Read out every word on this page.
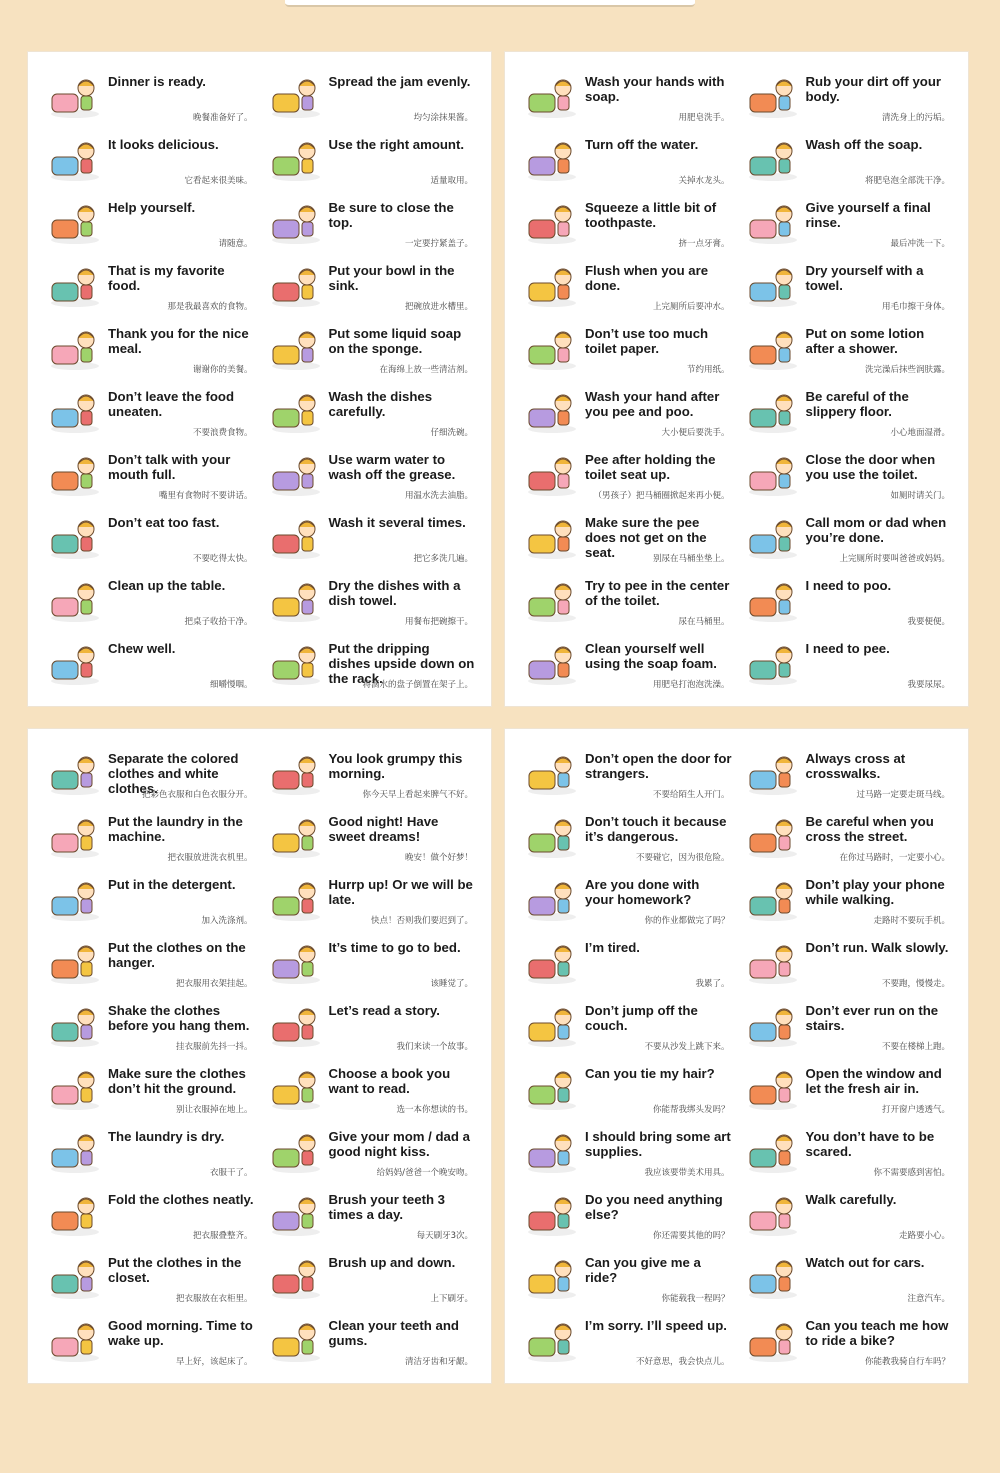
Dinner is ready.
晚餐准备好了。
Spread the jam evenly.
均匀涂抹果酱。
It looks delicious.
它看起来很美味。
Use the right amount.
适量取用。
Help yourself.
请随意。
Be sure to close the top.
一定要拧紧盖子。
That is my favorite food.
那是我最喜欢的食物。
Put your bowl in the sink.
把碗放进水槽里。
Thank you for the nice meal.
谢谢你的美餐。
Put some liquid soap on the sponge.
在海绵上放一些清洁剂。
Don’t leave the food uneaten.
不要浪费食物。
Wash the dishes carefully.
仔细洗碗。
Don’t talk with your mouth full.
嘴里有食物时不要讲话。
Use warm water to wash off the grease.
用温水洗去油脂。
Don’t eat too fast.
不要吃得太快。
Wash it several times.
把它多洗几遍。
Clean up the table.
把桌子收拾干净。
Dry the dishes with a dish towel.
用餐布把碗擦干。
Chew well.
细嚼慢咽。
Put the dripping dishes upside down on the rack.
将滴水的盘子倒置在架子上。
Wash your hands with soap.
用肥皂洗手。
Rub your dirt off your body.
清洗身上的污垢。
Turn off the water.
关掉水龙头。
Wash off the soap.
将肥皂泡全部洗干净。
Squeeze a little bit of toothpaste.
挤一点牙膏。
Give yourself a final rinse.
最后冲洗一下。
Flush when you are done.
上完厕所后要冲水。
Dry yourself with a towel.
用毛巾擦干身体。
Don’t use too much toilet paper.
节约用纸。
Put on some lotion after a shower.
洗完澡后抹些润肤露。
Wash your hand after you pee and poo.
大小便后要洗手。
Be careful of the slippery floor.
小心地面湿滑。
Pee after holding the toilet seat up.
（男孩子）把马桶圈掀起来再小便。
Close the door when you use the toilet.
如厕时请关门。
Make sure the pee does not get on the seat.	别尿在马桶坐垫上。
Call mom or dad when you’re done.
上完厕所时要叫爸爸或妈妈。
Try to pee in the center of the toilet.
尿在马桶里。
I need to poo.
我要便便。
Clean yourself well using the soap foam.
用肥皂打泡泡洗澡。
I need to pee.
我要尿尿。
Separate the colored clothes and white clothes.
把彩色衣服和白色衣服分开。
You look grumpy this morning.
你今天早上看起来脾气不好。
Put the laundry in the machine.
把衣服放进洗衣机里。
Good night! Have sweet dreams!
晚安！做个好梦！
Put in the detergent.
加入洗涤剂。
Hurrp up! Or we will be late.
快点！否则我们要迟到了。
Put the clothes on the hanger.
把衣服用衣架挂起。
It’s time to go to bed.
该睡觉了。
Shake the clothes before you hang them.
挂衣服前先抖一抖。
Let’s read a story.
我们来读一个故事。
Make sure the clothes don’t hit the ground.
别让衣服掉在地上。
Choose a book you want to read.
选一本你想读的书。
The laundry is dry.
衣服干了。
Give your mom / dad a good night kiss.
给妈妈/爸爸一个晚安吻。
Fold the clothes neatly.
把衣服叠整齐。
Brush your teeth 3 times a day.
每天刷牙3次。
Put the clothes in the closet.
把衣服放在衣柜里。
Brush up and down.
上下刷牙。
Good morning. Time to wake up.
早上好，该起床了。
Clean your teeth and gums.
清洁牙齿和牙龈。
Don’t open the door for strangers.
不要给陌生人开门。
Always cross at crosswalks.
过马路一定要走斑马线。
Don’t touch it because it’s dangerous.
不要碰它，因为很危险。
Be careful when you cross the street.
在你过马路时，一定要小心。
Are you done with your homework?
你的作业都做完了吗？
Don’t play your phone while walking.
走路时不要玩手机。
I’m tired.
我累了。
Don’t run. Walk slowly.
不要跑，慢慢走。
Don’t jump off the couch.
不要从沙发上跳下来。
Don’t ever run on the stairs.
不要在楼梯上跑。
Can you tie my hair?
你能帮我绑头发吗？
Open the window and let the fresh air in.
打开窗户透透气。
I should bring some art supplies.
我应该要带美术用具。
You don’t have to be scared.
你不需要感到害怕。
Do you need anything else?
你还需要其他的吗？
Walk carefully.
走路要小心。
Can you give me a ride?
你能载我一程吗？
Watch out for cars.
注意汽车。
I’m sorry. I’ll speed up.
不好意思，我会快点儿。
Can you teach me how to ride a bike?
你能教我骑自行车吗？
